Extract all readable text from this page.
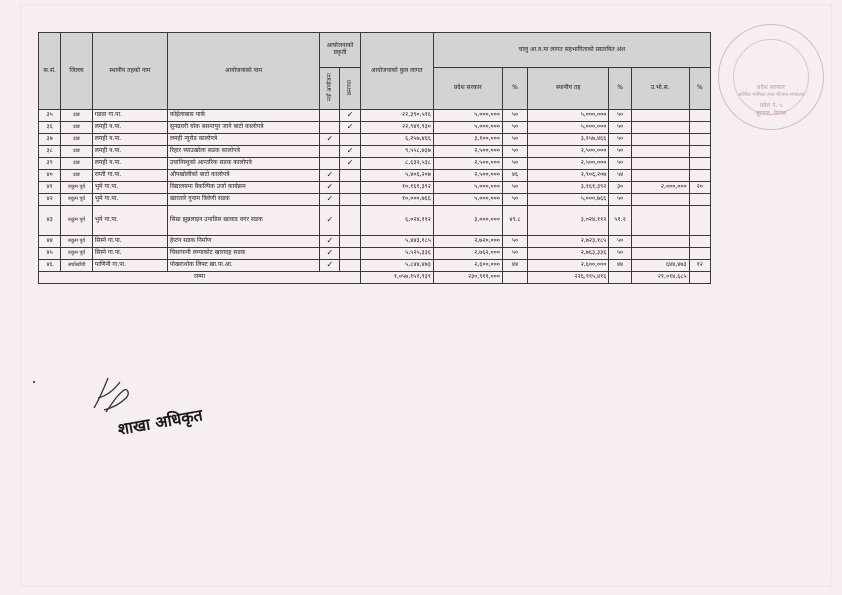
क.सं.	जिल्ला	स्थानीय तहको नाम	आयोजनाको नाम	आयोजनाको प्रकृती		आयोजनाको कुल लागत	चालु आ.व.मा लागत सहभागिताको प्रस्तावित अंश					
				नयाँ आयोजना	क्रमागत		प्रदेश सरकार	%	स्थानीय तह	%	उ.भो.स.	%
३५	दाङ	गढवा गा.पा.	कोईलाबास पार्क		✓	२२,३९०,५१६	५,०००,०००	५०	५,०००,०००	५०		
३६	दाङ	लमही न.पा.	सुनढवरी चोक बसन्तपुर जाने बाटो कालोपत्रे		✓	२२,९४१,९३०	५,०००,०००	५०	५,०००,०००	५०		
३७	दाङ	लमही न.पा.	लमही न्युरोड कालोपत्रे	✓		६,२५७,४६६	३,१००,०००	५०	३,१५७,४६६	५०		
३८	दाङ	लमही न.पा.	रिहार च्याउखोला सडक कालोपत्रे		✓	९,५५८,७३७	२,५००,०००	५०	२,५००,०००	५०		
३९	दाङ	लमही न.पा.	उचानिस्थुको आन्तरिक सडक कालोपत्रे		✓	८,६३२,५३८	२,५००,०००	५०	२,५००,०००	५०		
४०	दाङ	राप्ती गा.पा.	औपखोलीको बाटो कालोपत्रे	✓		५,४०६,२०७	२,५००,०००	४६	२,९०६,२०७	५४		
४१	रुकुम पूर्व	भुमे गा.पा.	विद्यालयमा वैकल्पिक उर्जा कार्यक्रम	✓		१०,१६१,३९२	५,०००,०००	५०	३,१६१,३९२	३०	२,०००,०००	२०
४२	रुकुम पूर्व	भुमे गा.पा.	खारतारे गुनाम त्रिवेणी सडक	✓		१०,०००,७६६	५,०००,०००	५०	५,०००,७६६	५०		
४३	रुकुम पूर्व	भुमे गा.पा.	सिम्रा झुन्नलाइन उपाडिस खावाड वगर सडक	✓		६,०२४,११२	३,०००,०००	४९.८	३,०२४,११२	५१.२		
४४	रुकुम पूर्व	सिस्ने गा.पा.	हेप्टन सडक निर्माण	✓		५,४४३,१८५	२,७२०,०००	५०	२,७२३,१८५	५०		
४५	रुकुम पूर्व	सिस्ने गा.पा.	चिसापानी लम्पाकोट खारादह सडक	✓		५,५२५,३३६	२,७६२,०००	५०	२,७६३,३३६	५०		
४६	अर्घाखाँची	पाणिनी गा.पा.	पोखराथोक लिफ्ट खा.पा.आ.	✓		५,८४४,४७३	२,६००,०००	४४	२,६००,०००	४४	६४४,४७३	१२
जम्मा						१,०५७,१५१,९३९	२३०,९११,०००		२२६,९९५,४१६		२१,०१४,६८५	
प्रदेश सरकार
आर्थिक मामिला तथा योजना मन्त्रालय
प्रदेश नं. ५
बुटवल, नेपाल
शाखा अधिकृत
